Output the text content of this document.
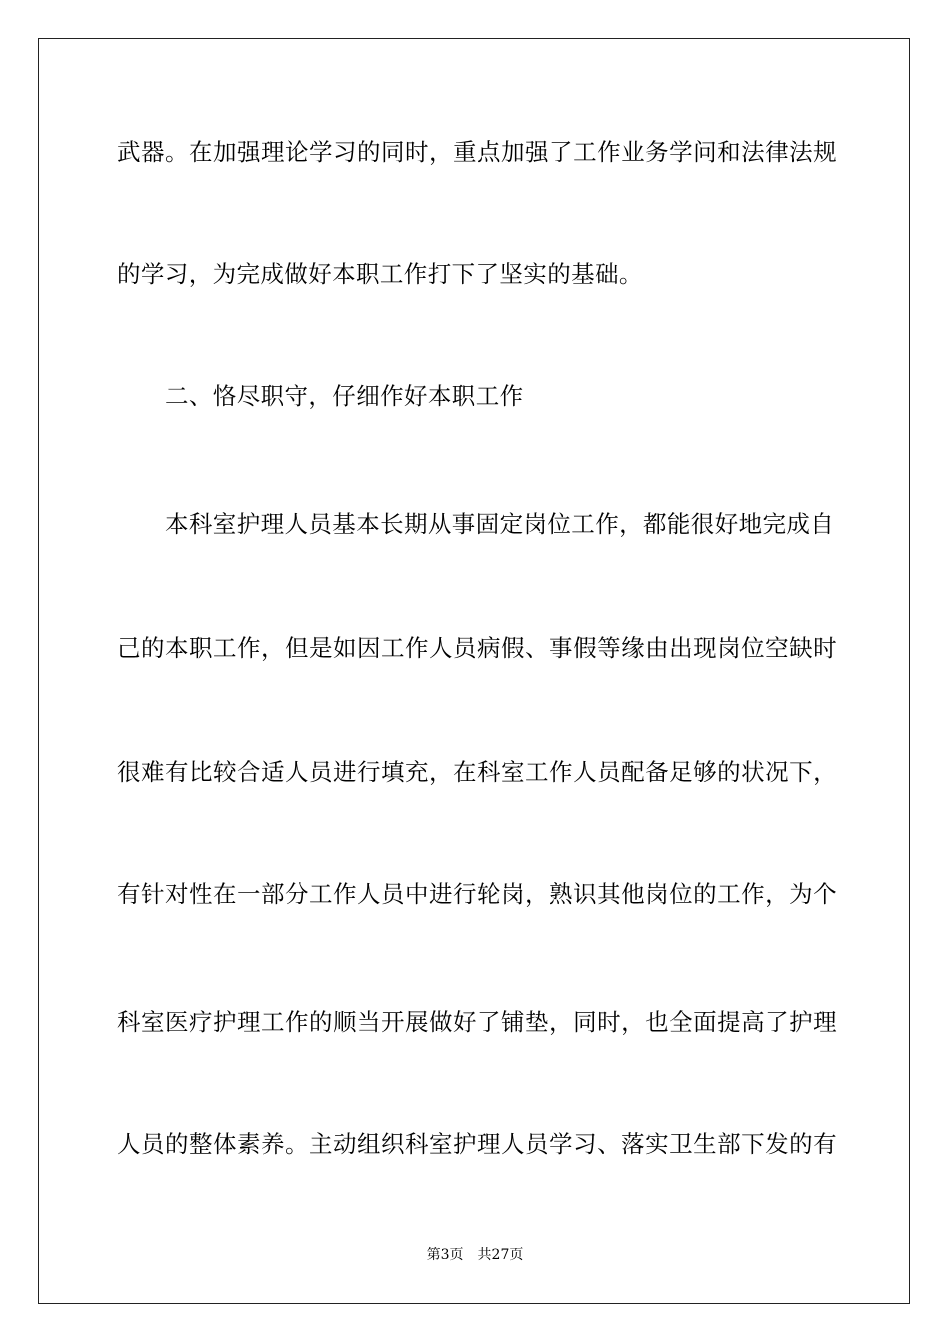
武器。在加强理论学习的同时，重点加强了工作业务学问和法律法规
的学习，为完成做好本职工作打下了坚实的基础。
二、恪尽职守，仔细作好本职工作
本科室护理人员基本长期从事固定岗位工作，都能很好地完成自
己的本职工作，但是如因工作人员病假、事假等缘由出现岗位空缺时
很难有比较合适人员进行填充，在科室工作人员配备足够的状况下，
有针对性在一部分工作人员中进行轮岗，熟识其他岗位的工作，为个
科室医疗护理工作的顺当开展做好了铺垫，同时，也全面提高了护理
人员的整体素养。主动组织科室护理人员学习、落实卫生部下发的有
第3页 共27页
